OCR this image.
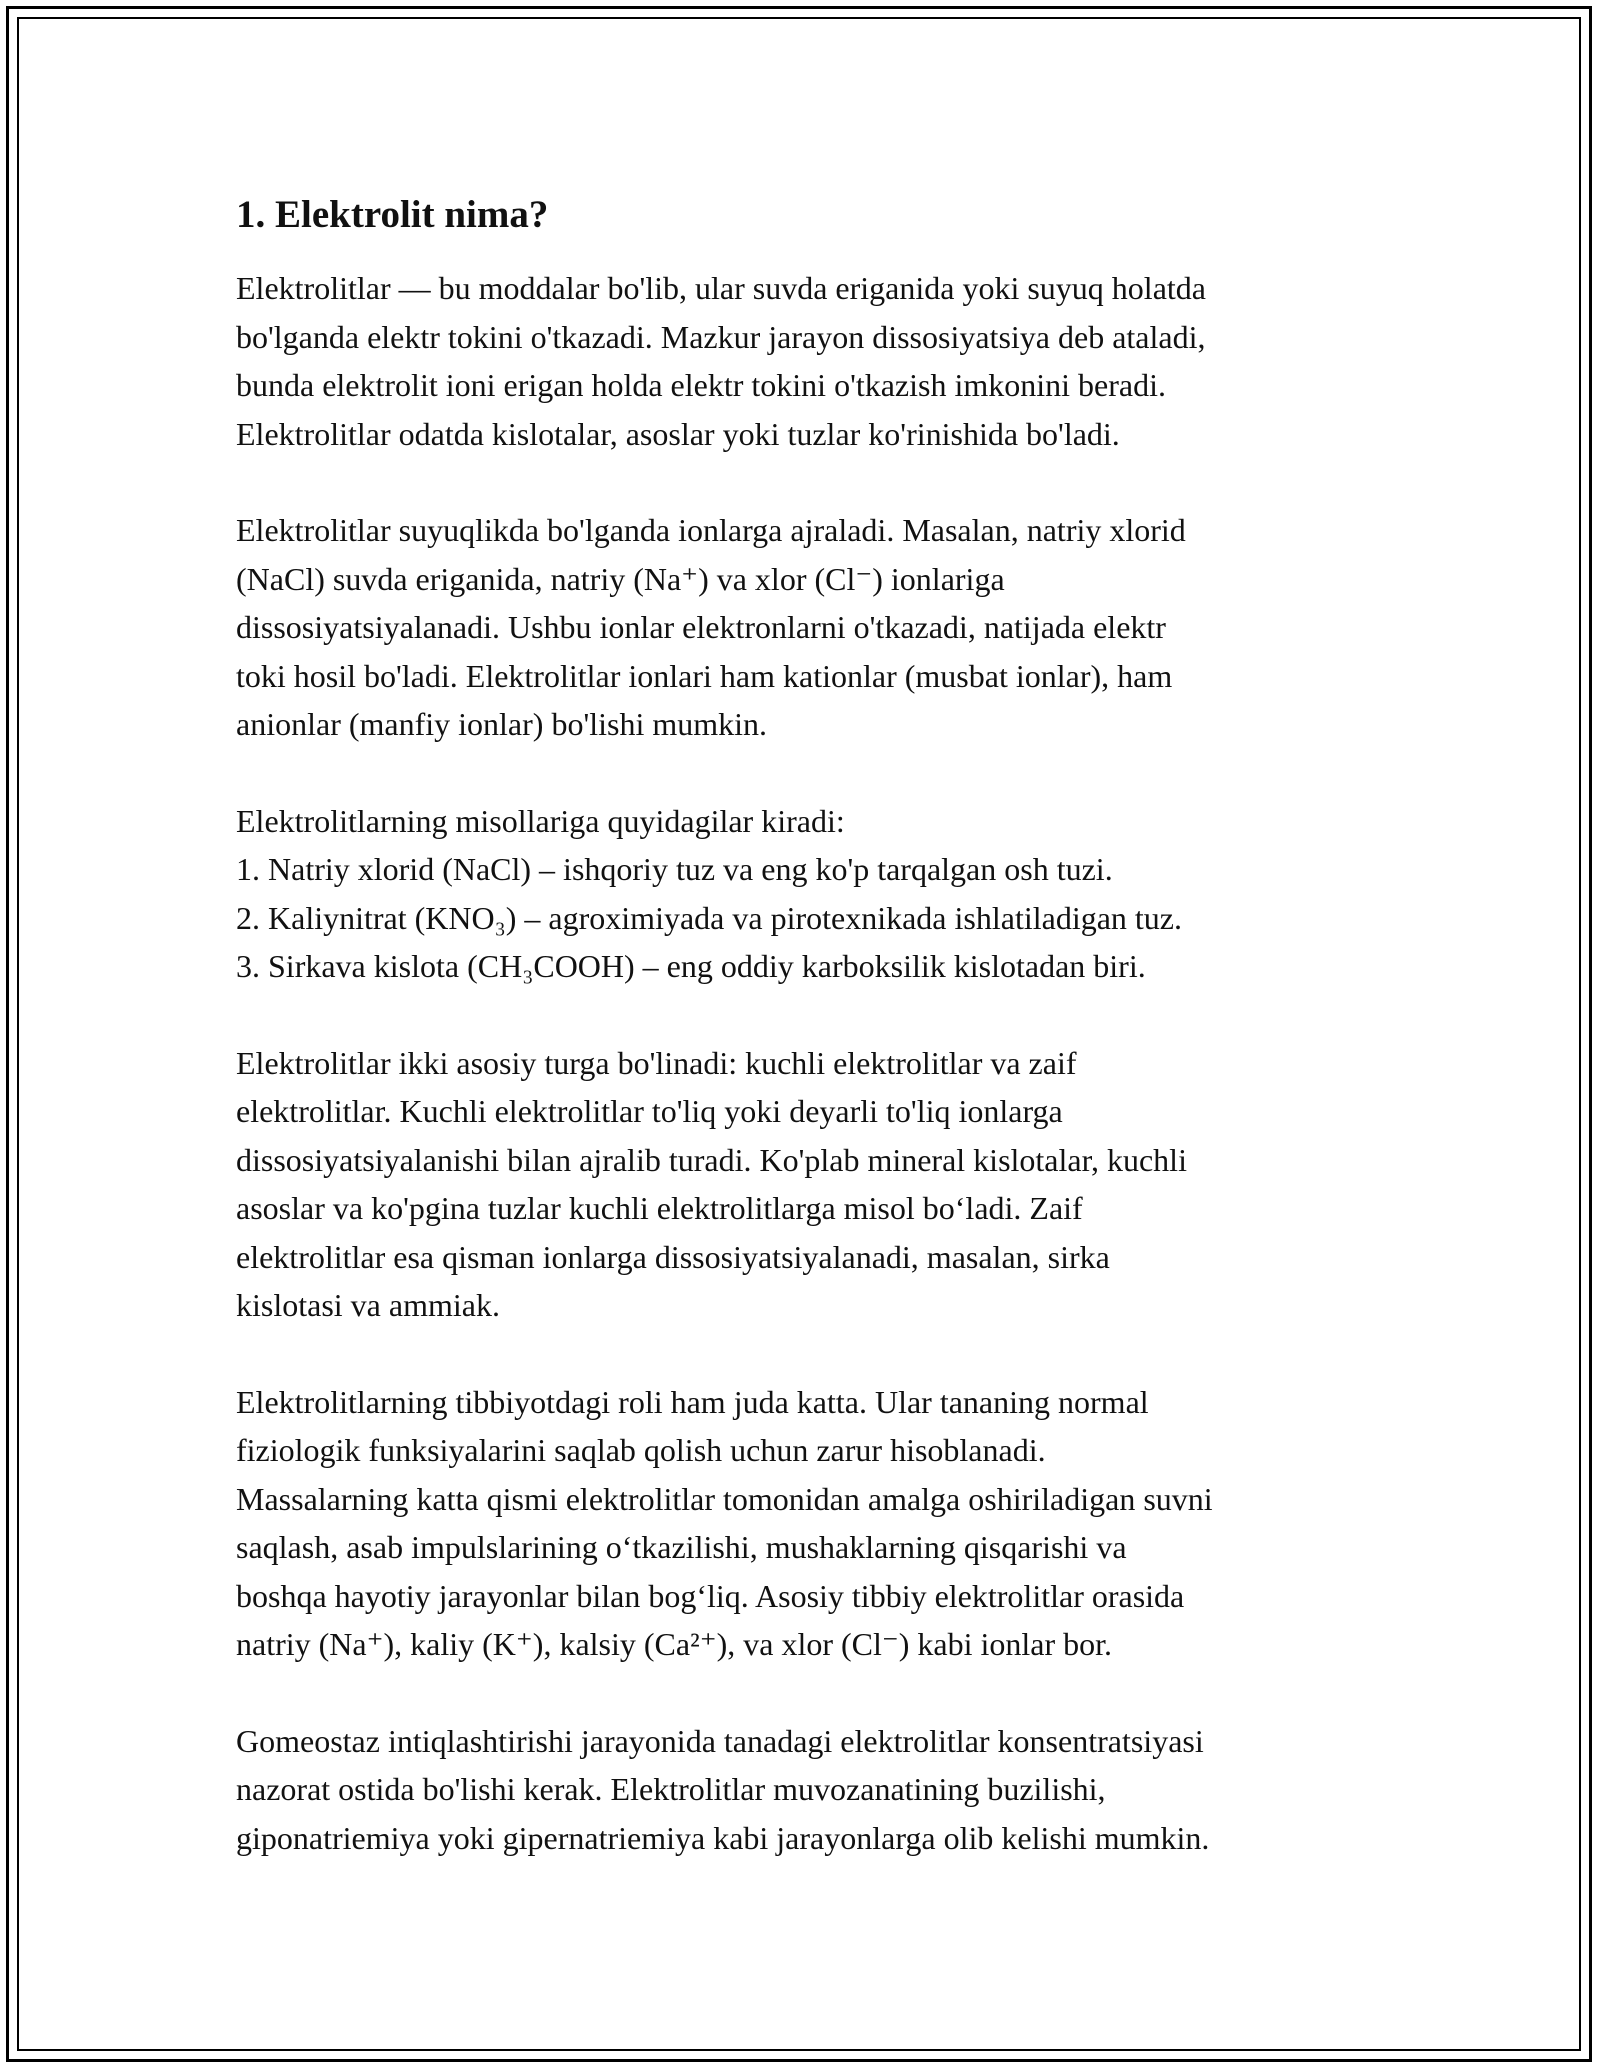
1. Elektrolit nima?
Elektrolitlar — bu moddalar bo'lib, ular suvda eriganida yoki suyuq holatda
bo'lganda elektr tokini o'tkazadi. Mazkur jarayon dissosiyatsiya deb ataladi,
bunda elektrolit ioni erigan holda elektr tokini o'tkazish imkonini beradi.
Elektrolitlar odatda kislotalar, asoslar yoki tuzlar ko'rinishida bo'ladi.
Elektrolitlar suyuqlikda bo'lganda ionlarga ajraladi. Masalan, natriy xlorid
(NaCl) suvda eriganida, natriy (Na⁺) va xlor (Cl⁻) ionlariga
dissosiyatsiyalanadi. Ushbu ionlar elektronlarni o'tkazadi, natijada elektr
toki hosil bo'ladi. Elektrolitlar ionlari ham kationlar (musbat ionlar), ham
anionlar (manfiy ionlar) bo'lishi mumkin.
Elektrolitlarning misollariga quyidagilar kiradi:
1. Natriy xlorid (NaCl) – ishqoriy tuz va eng ko'p tarqalgan osh tuzi.
2. Kaliynitrat (KNO₃) – agroximiyada va pirotexnikada ishlatiladigan tuz.
3. Sirkava kislota (CH₃COOH) – eng oddiy karboksilik kislotadan biri.
Elektrolitlar ikki asosiy turga bo'linadi: kuchli elektrolitlar va zaif
elektrolitlar. Kuchli elektrolitlar to'liq yoki deyarli to'liq ionlarga
dissosiyatsiyalanishi bilan ajralib turadi. Ko'plab mineral kislotalar, kuchli
asoslar va ko'pgina tuzlar kuchli elektrolitlarga misol bo‘ladi. Zaif
elektrolitlar esa qisman ionlarga dissosiyatsiyalanadi, masalan, sirka
kislotasi va ammiak.
Elektrolitlarning tibbiyotdagi roli ham juda katta. Ular tananing normal
fiziologik funksiyalarini saqlab qolish uchun zarur hisoblanadi.
Massalarning katta qismi elektrolitlar tomonidan amalga oshiriladigan suvni
saqlash, asab impulslarining o‘tkazilishi, mushaklarning qisqarishi va
boshqa hayotiy jarayonlar bilan bog‘liq. Asosiy tibbiy elektrolitlar orasida
natriy (Na⁺), kaliy (K⁺), kalsiy (Ca²⁺), va xlor (Cl⁻) kabi ionlar bor.
Gomeostaz intiqlashtirishi jarayonida tanadagi elektrolitlar konsentratsiyasi
nazorat ostida bo'lishi kerak. Elektrolitlar muvozanatining buzilishi,
giponatriemiya yoki gipernatriemiya kabi jarayonlarga olib kelishi mumkin.
